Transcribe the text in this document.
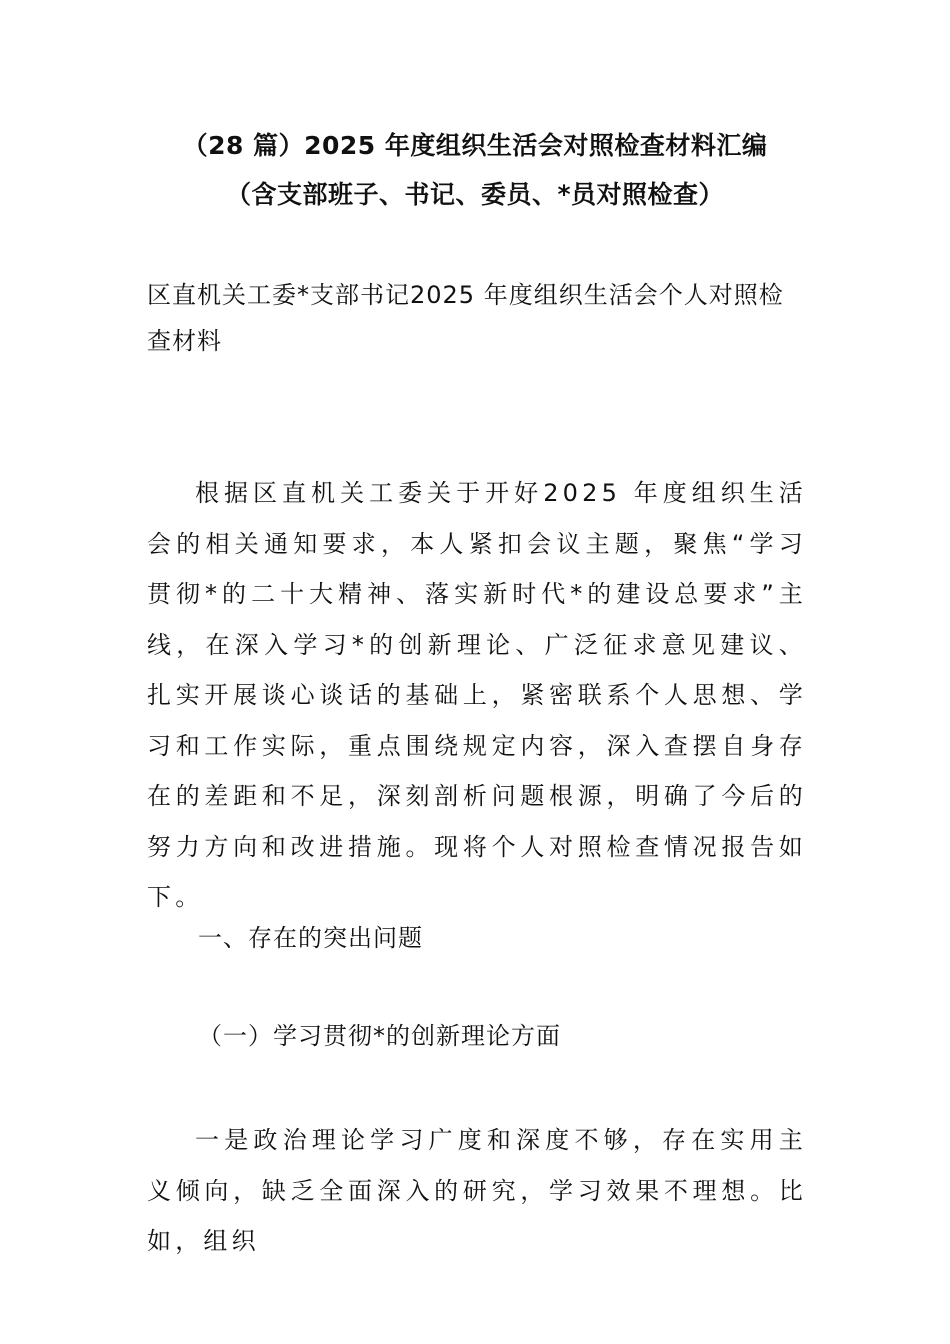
（28 篇）2025 年度组织生活会对照检查材料汇编
（含支部班子、书记、委员、*员对照检查）
区直机关工委*支部书记2025 年度组织生活会个人对照检查材料
根据区直机关工委关于开好2025 年度组织生活会的相关通知要求，本人紧扣会议主题，聚焦“学习贯彻*的二十大精神、落实新时代*的建设总要求”主线，在深入学习*的创新理论、广泛征求意见建议、扎实开展谈心谈话的基础上，紧密联系个人思想、学习和工作实际，重点围绕规定内容，深入查摆自身存在的差距和不足，深刻剖析问题根源，明确了今后的努力方向和改进措施。现将个人对照检查情况报告如下。
一、存在的突出问题
（一）学习贯彻*的创新理论方面
一是政治理论学习广度和深度不够，存在实用主义倾向，缺乏全面深入的研究，学习效果不理想。比如，组织
